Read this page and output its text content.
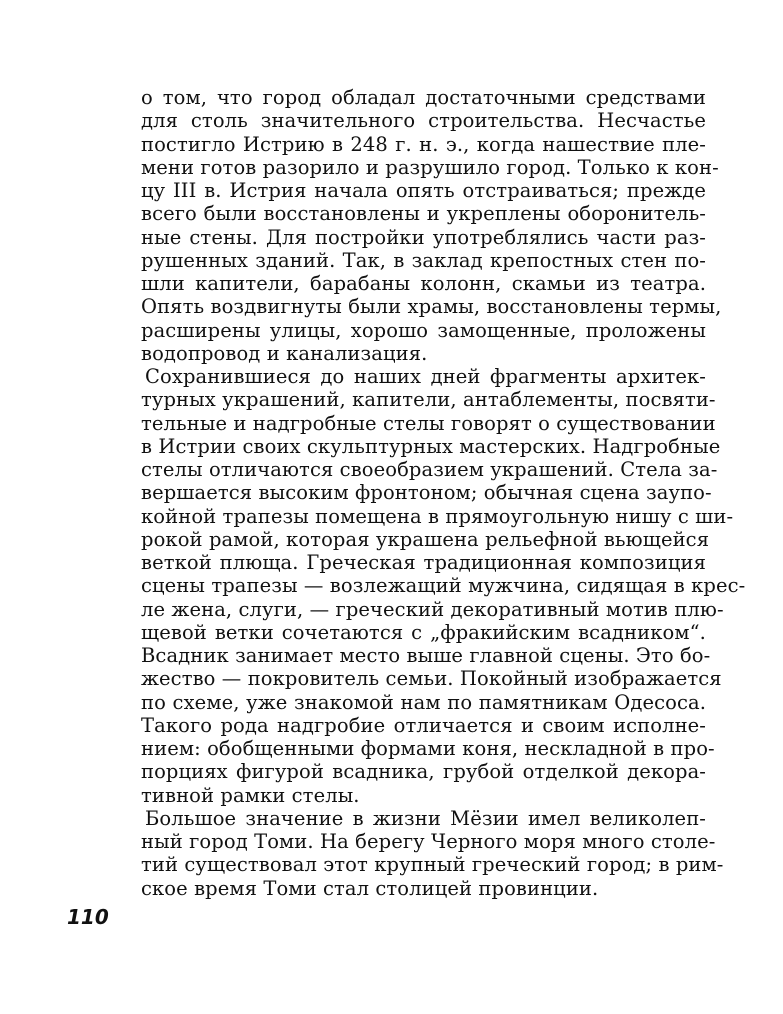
о том, что город обладал достаточными средствами
для столь значительного строительства. Несчастье
постигло Истрию в 248 г. н. э., когда нашествие пле-
мени готов разорило и разрушило город. Только к кон-
цу III в. Истрия начала опять отстраиваться; прежде
всего были восстановлены и укреплены оборонитель-
ные стены. Для постройки употреблялись части раз-
рушенных зданий. Так, в заклад крепостных стен по-
шли капители, барабаны колонн, скамьи из театра.
Опять воздвигнуты были храмы, восстановлены термы,
расширены улицы, хорошо замощенные, проложены
водопровод и канализация.
Сохранившиеся до наших дней фрагменты архитек-
турных украшений, капители, антаблементы, посвяти-
тельные и надгробные стелы говорят о существовании
в Истрии своих скульптурных мастерских. Надгробные
стелы отличаются своеобразием украшений. Стела за-
вершается высоким фронтоном; обычная сцена заупо-
койной трапезы помещена в прямоугольную нишу с ши-
рокой рамой, которая украшена рельефной вьющейся
веткой плюща. Греческая традиционная композиция
сцены трапезы — возлежащий мужчина, сидящая в крес-
ле жена, слуги, — греческий декоративный мотив плю-
щевой ветки сочетаются с „фракийским всадником“.
Всадник занимает место выше главной сцены. Это бо-
жество — покровитель семьи. Покойный изображается
по схеме, уже знакомой нам по памятникам Одесоса.
Такого рода надгробие отличается и своим исполне-
нием: обобщенными формами коня, нескладной в про-
порциях фигурой всадника, грубой отделкой декора-
тивной рамки стелы.
Большое значение в жизни Мёзии имел великолеп-
ный город Томи. На берегу Черного моря много столе-
тий существовал этот крупный греческий город; в рим-
ское время Томи стал столицей провинции.
110
